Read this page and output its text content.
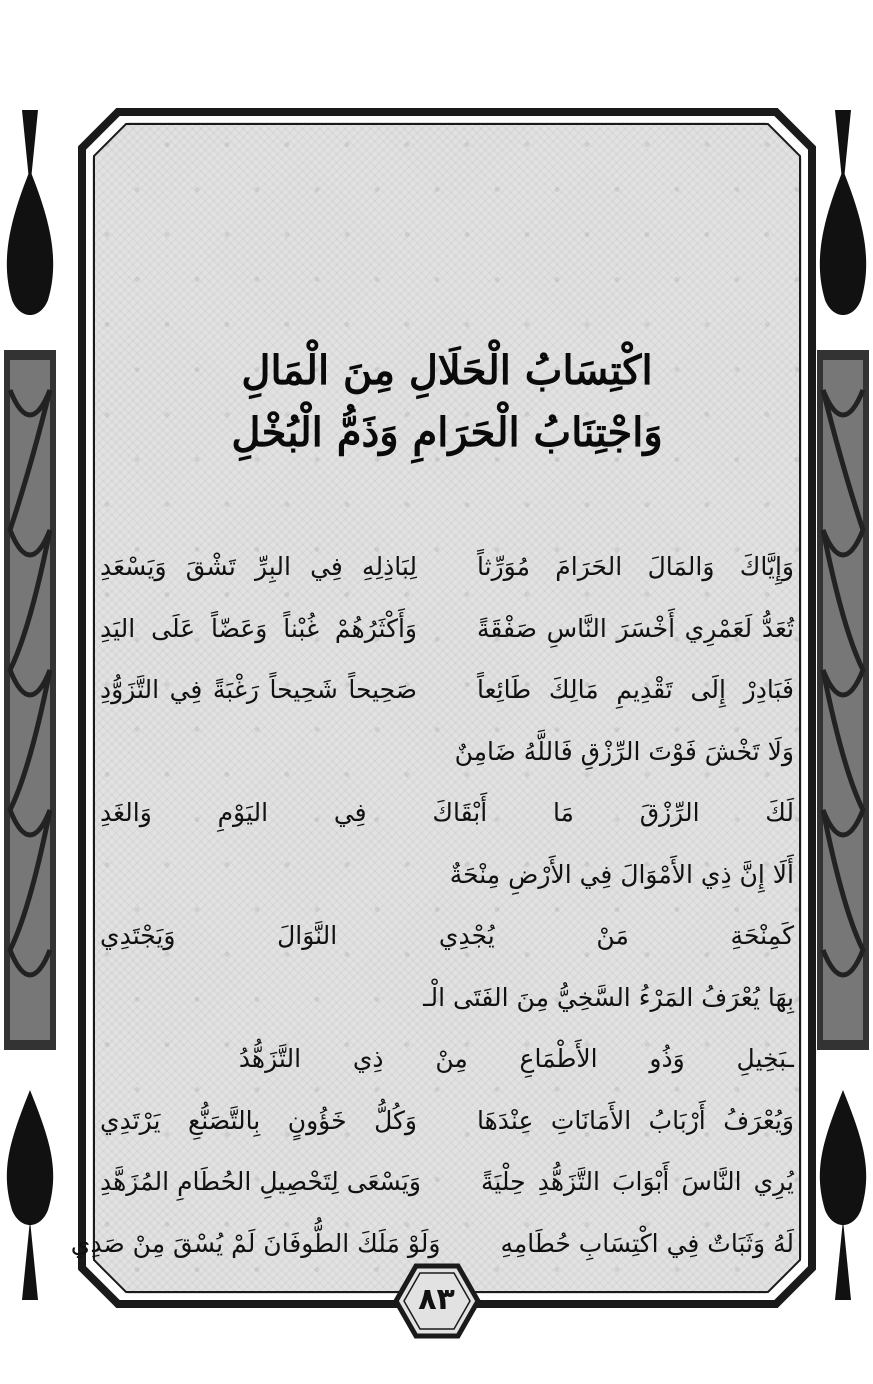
اكْتِسَابُ الْحَلَالِ مِنَ الْمَالِ
وَاجْتِنَابُ الْحَرَامِ وَذَمُّ الْبُخْلِ
وَإِيَّاكَ وَالمَالَ الحَرَامَ مُوَرِّثاً
لِبَاذِلِهِ فِي البِرِّ تَشْقَ وَيَسْعَدِ
تُعَدُّ لَعَمْرِي أَخْسَرَ النَّاسِ صَفْقَةً
وَأَكْثَرُهُمْ غُبْناً وَعَضّاً عَلَى اليَدِ
فَبَادِرْ إِلَى تَقْدِيمِ مَالِكَ طَائِعاً
صَحِيحاً شَحِيحاً رَغْبَةً فِي التَّزَوُّدِ
وَلَا تَخْشَ فَوْتَ الرِّزْقِ فَاللَّهُ ضَامِنٌ
لَكَ الرِّزْقَ مَا أَبْقَاكَ فِي اليَوْمِ وَالغَدِ
أَلَا إِنَّ ذِي الأَمْوَالَ فِي الأَرْضِ مِنْحَةٌ
كَمِنْحَةِ مَنْ يُجْدِي النَّوَالَ وَيَجْتَدِي
بِهَا يُعْرَفُ المَرْءُ السَّخِيُّ مِنَ الفَتَى الْـ
ـبَخِيلِ وَذُو الأَطْمَاعِ مِنْ ذِي التَّزَهُّدُ
وَيُعْرَفُ أَرْبَابُ الأَمَانَاتِ عِنْدَهَا
وَكُلُّ خَؤُونٍ بِالتَّصَنُّعِ يَرْتَدِي
يُرِي النَّاسَ أَبْوَابَ التَّزَهُّدِ حِلْيَةً
وَيَسْعَى لِتَحْصِيلِ الحُطَامِ المُزَهَّدِ
لَهُ وَثَبَاتٌ فِي اكْتِسَابِ حُطَامِهِ
وَلَوْ مَلَكَ الطُّوفَانَ لَمْ يُسْقَ مِنْ صَدِي
٨٣
